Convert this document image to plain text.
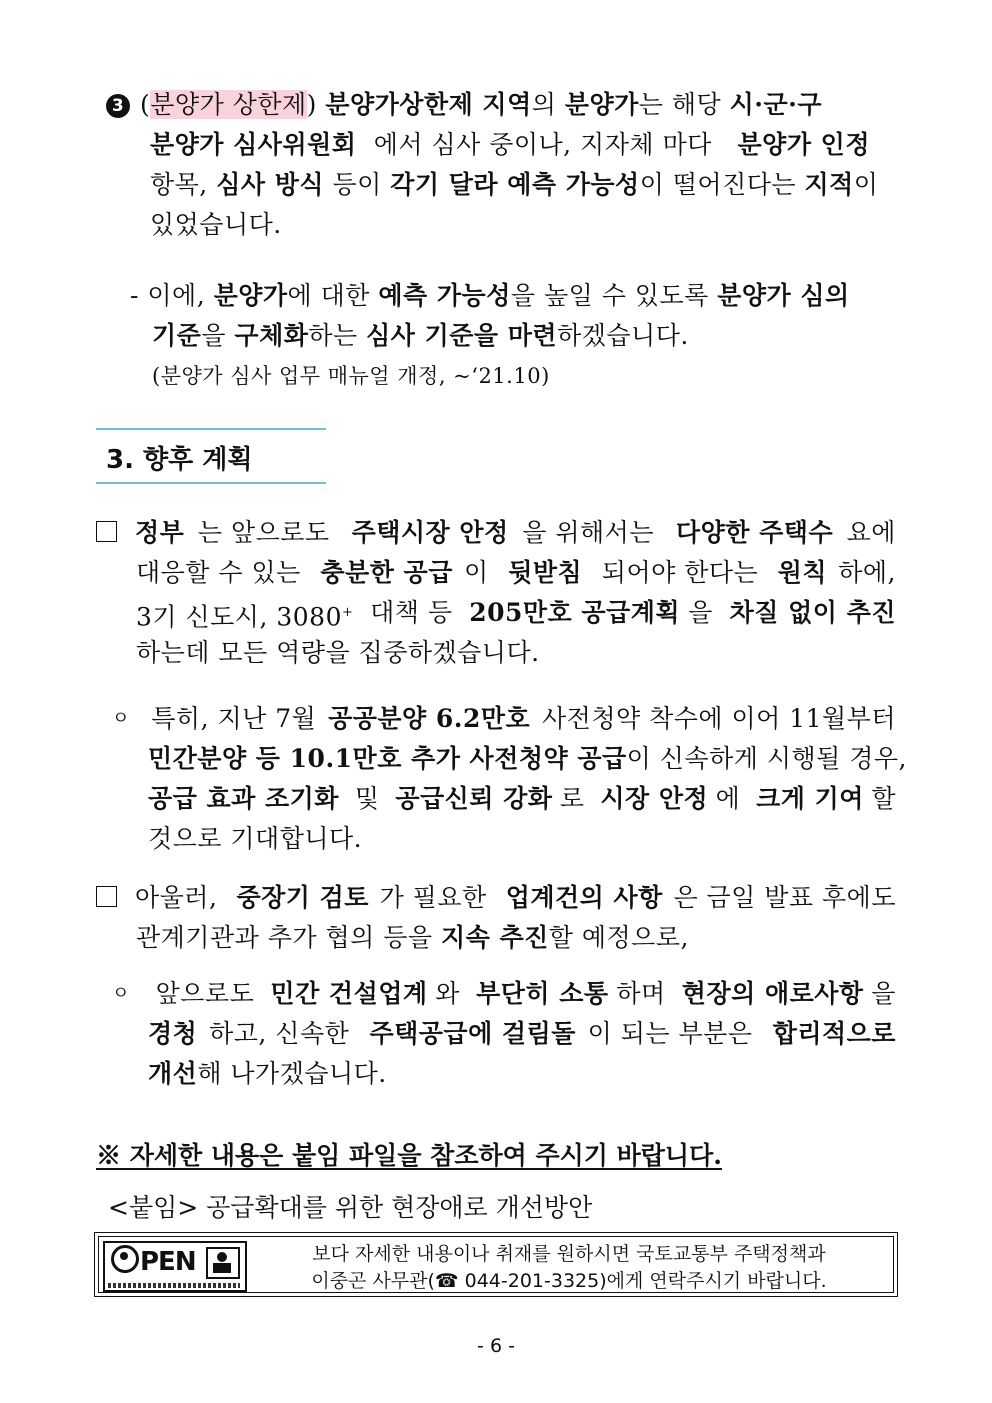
3 (분양가 상한제) 분양가상한제 지역의 분양가는 해당 시·군·구
분양가 심사위원회 에서 심사 중이나, 지자체 마다 분양가 인정
항목, 심사 방식 등이 각기 달라 예측 가능성이 떨어진다는 지적이
있었습니다.
- 이에, 분양가에 대한 예측 가능성을 높일 수 있도록 분양가 심의
기준을 구체화하는 심사 기준을 마련하겠습니다.
(분양가 심사 업무 매뉴얼 개정, ~‘21.10)
3. 향후 계획
정부 는 앞으로도 주택시장 안정 을 위해서는 다양한 주택수 요에
대응할 수 있는 충분한 공급 이 뒷받침 되어야 한다는 원칙 하에,
3기 신도시, 3080+ 대책 등 205만호 공급계획 을 차질 없이 추진
하는데 모든 역량을 집중하겠습니다.
ㅇ 특히, 지난 7월 공공분양 6.2만호 사전청약 착수에 이어 11월부터
민간분양 등 10.1만호 추가 사전청약 공급 이 신속하게 시행될 경우,
공급 효과 조기화 및 공급신뢰 강화 로 시장 안정 에 크게 기여 할
것으로 기대합니다.
아울러, 중장기 검토 가 필요한 업계건의 사항 은 금일 발표 후에도
관계기관과 추가 협의 등을 지속 추진할 예정으로,
ㅇ 앞으로도 민간 건설업계 와 부단히 소통 하며 현장의 애로사항 을
경청 하고, 신속한 주택공급에 걸림돌 이 되는 부분은 합리적으로
개선해 나가겠습니다.
※ 자세한 내용은 붙임 파일을 참조하여 주시기 바랍니다.
<붙임> 공급확대를 위한 현장애로 개선방안
PEN	보다 자세한 내용이나 취재를 원하시면 국토교통부 주택정책과
이중곤 사무관(☎ 044-201-3325)에게 연락주시기 바랍니다.
- 6 -
